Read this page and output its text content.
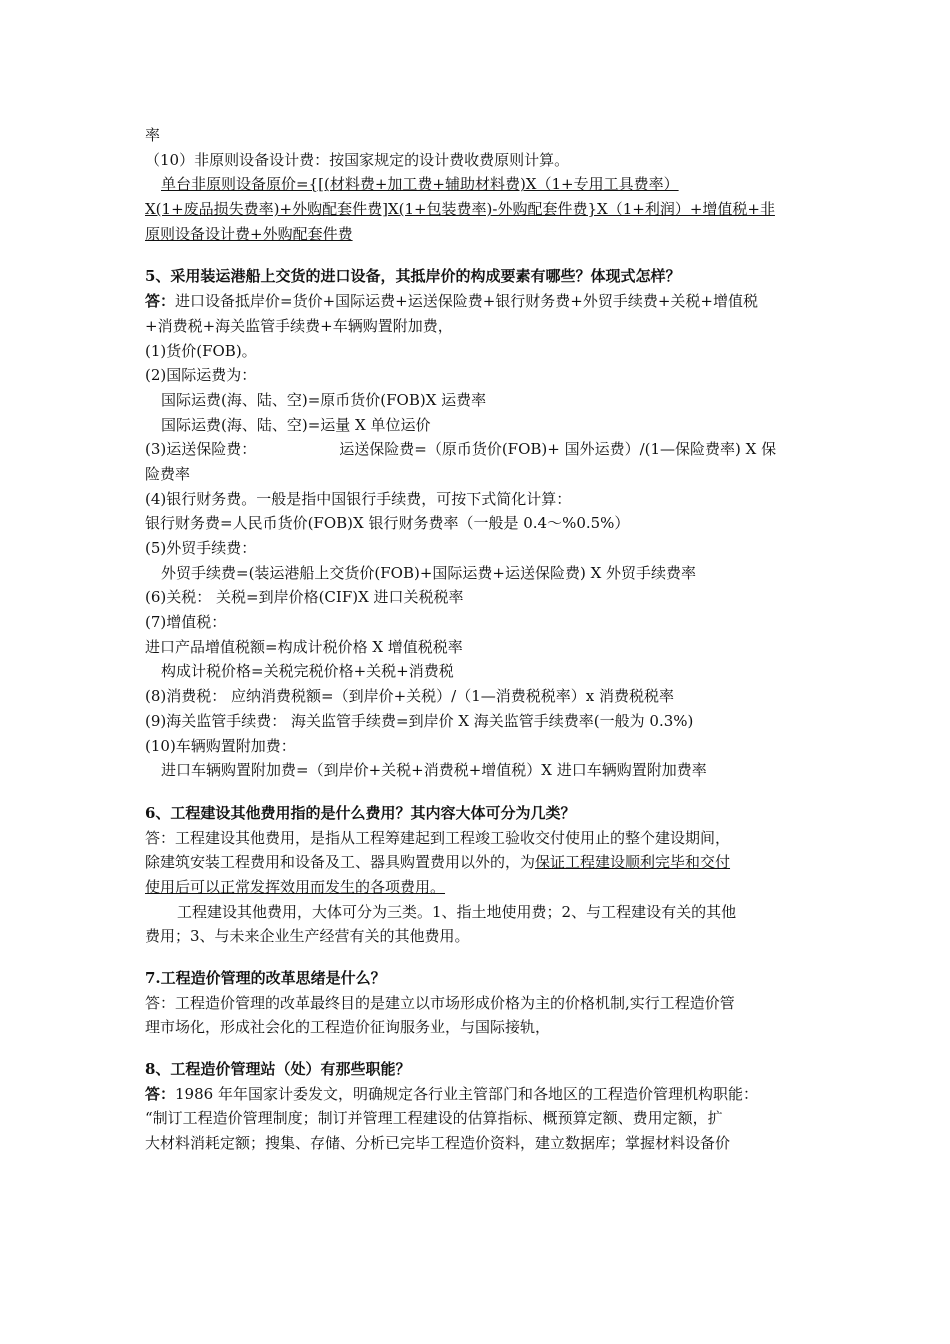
率
（10）非原则设备设计费：按国家规定的设计费收费原则计算。
单台非原则设备原价={[(材料费+加工费+辅助材料费)X（1+专用工具费率）
X(1+废品损失费率)+外购配套件费]X(1+包装费率)-外购配套件费}X（1+利润）+增值税+非
原则设备设计费+外购配套件费
5、采用装运港船上交货的进口设备，其抵岸价的构成要素有哪些？体现式怎样？
答：进口设备抵岸价=货价+国际运费+运送保险费+银行财务费+外贸手续费+关税+增值税
+消费税+海关监管手续费+车辆购置附加费，
(1)货价(FOB)。
(2)国际运费为：
国际运费(海、陆、空)=原币货价(FOB)X 运费率
国际运费(海、陆、空)=运量 X 单位运价
(3)运送保险费：	运送保险费=（原币货价(FOB)+ 国外运费）/(1—保险费率) X 保
险费率
(4)银行财务费。一般是指中国银行手续费，可按下式简化计算：
银行财务费=人民币货价(FOB)X 银行财务费率（一般是 0.4～%0.5%）
(5)外贸手续费：
外贸手续费=(装运港船上交货价(FOB)+国际运费+运送保险费) X 外贸手续费率
(6)关税： 关税=到岸价格(CIF)X 进口关税税率
(7)增值税：
进口产品增值税额=构成计税价格 X 增值税税率
构成计税价格=关税完税价格+关税+消费税
(8)消费税： 应纳消费税额=（到岸价+关税）/（1—消费税税率）x 消费税税率
(9)海关监管手续费： 海关监管手续费=到岸价 X 海关监管手续费率(一般为 0.3%)
(10)车辆购置附加费：
进口车辆购置附加费=（到岸价+关税+消费税+增值税）X 进口车辆购置附加费率
6、工程建设其他费用指的是什么费用？其内容大体可分为几类？
答：工程建设其他费用，是指从工程筹建起到工程竣工验收交付使用止的整个建设期间，
除建筑安装工程费用和设备及工、器具购置费用以外的，为保证工程建设顺利完毕和交付
使用后可以正常发挥效用而发生的各项费用。
工程建设其他费用，大体可分为三类。1、指土地使用费；2、与工程建设有关的其他
费用；3、与未来企业生产经营有关的其他费用。
7.工程造价管理的改革思绪是什么？
答：工程造价管理的改革最终目的是建立以市场形成价格为主的价格机制,实行工程造价管
理市场化，形成社会化的工程造价征询服务业，与国际接轨，
8、工程造价管理站（处）有那些职能？
答：1986 年年国家计委发文，明确规定各行业主管部门和各地区的工程造价管理机构职能：
“制订工程造价管理制度；制订并管理工程建设的估算指标、概预算定额、费用定额，扩
大材料消耗定额；搜集、存储、分析已完毕工程造价资料，建立数据库；掌握材料设备价
